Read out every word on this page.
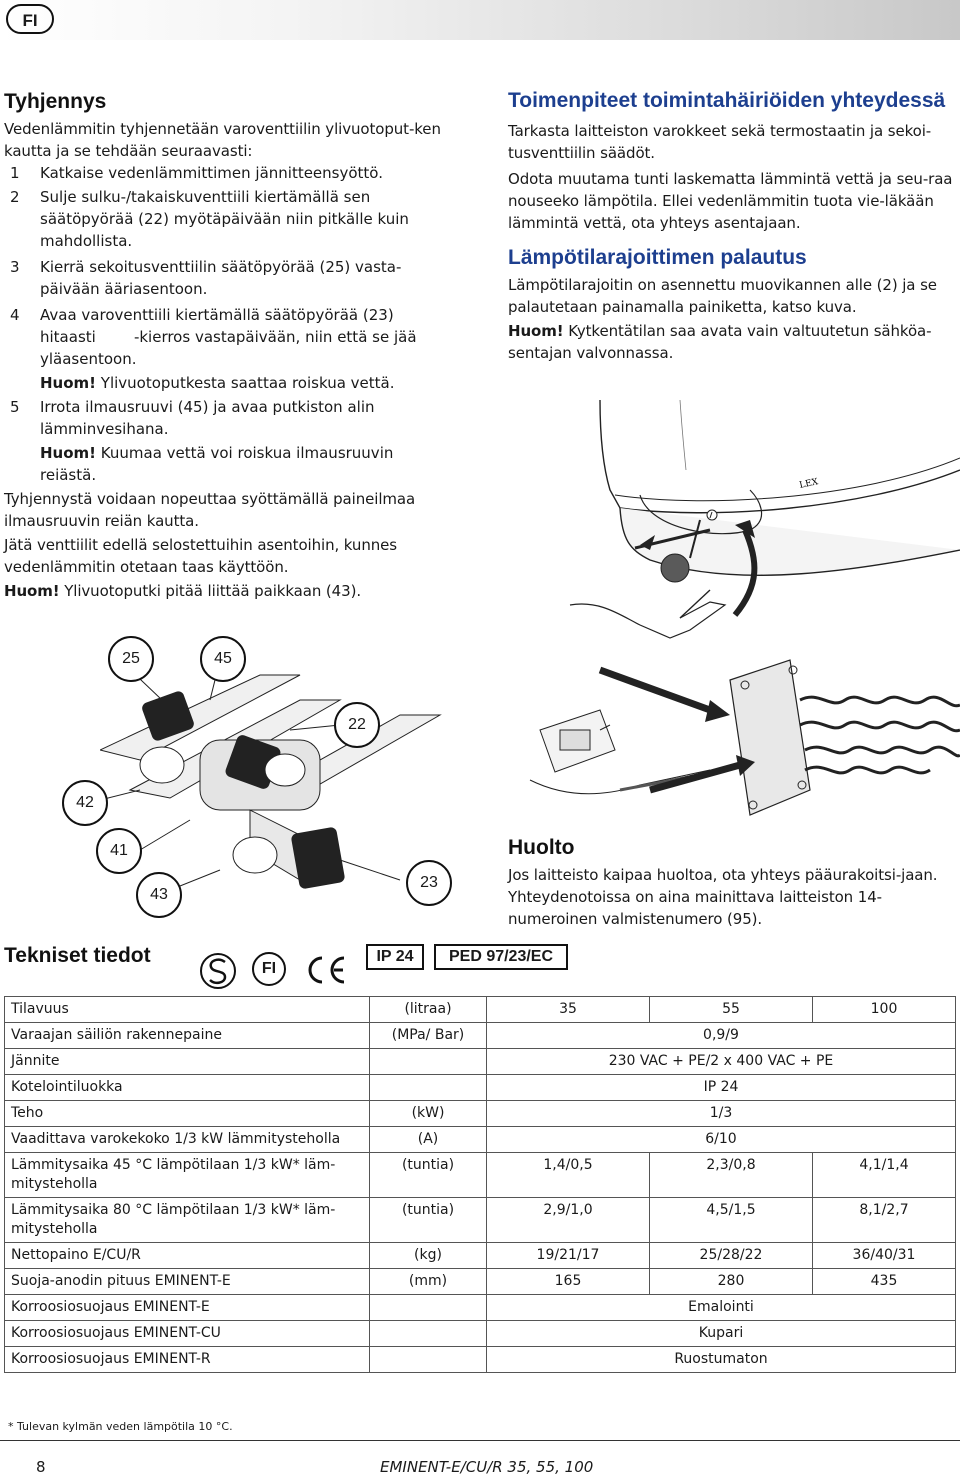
FI
Tyhjennys

Vedenlämmitin tyhjennetään varoventtiilin ylivuotoput-ken kautta ja se tehdään seuraavasti:

1 Katkaise vedenlämmittimen jännitteensyöttö.
2 Sulje sulku-/takaiskuventtiili kiertämällä sen säätöpyörää (22) myötäpäivään niin pitkälle kuin mahdollista.
3 Kierrä sekoitusventtiilin säätöpyörää (25) vasta-päivään ääriasentoon.
4 Avaa varoventtiili kiertämällä säätöpyörää (23) hitaasti        -kierros vastapäivään, niin että se jää yläasentoon.
Huom! Ylivuotoputkesta saattaa roiskua vettä.
5 Irrota ilmausruuvi (45) ja avaa putkiston alin lämminvesihana.
Huom! Kuumaa vettä voi roiskua ilmausruuvin reiästä.

Tyhjennystä voidaan nopeuttaa syöttämällä paineilmaa ilmausruuvin reiän kautta.

Jätä venttiilit edellä selostettuihin asentoihin, kunnes vedenlämmitin otetaan taas käyttöön.

Huom! Ylivuotoputki pitää liittää paikkaan (43).

Toimenpiteet toimintahäiriöiden yhteydessä

Tarkasta laitteiston varokkeet sekä termostaatin ja sekoi-tusventtiilin säädöt.

Odota muutama tunti laskematta lämmintä vettä ja seu-raa nouseeko lämpötila. Ellei vedenlämmitin tuota vie-läkään lämmintä vettä, ota yhteys asentajaan.

Lämpötilarajoittimen palautus

Lämpötilarajoitin on asennettu muovikannen alle (2) ja se palautetaan painamalla painiketta, katso kuva.

Huom! Kytkentätilan saa avata vain valtuutetun sähköa-sentajan valvonnassa.

LEX
25	45
22
42
41
43
23
Huolto

Jos laitteisto kaipaa huoltoa, ota yhteys pääurakoitsi-jaan. Yhteydenotoissa on aina mainittava laitteiston 14-numeroinen valmistenumero (95).

Tekniset tiedot
FI
IP 24	PED 97/23/EC
Tilavuus	(litraa)	35	55	100
Varaajan säiliön rakennepaine	(MPa/ Bar)	0,9/9		
Jännite		230 VAC + PE/2 x 400 VAC + PE		
Kotelointiluokka		IP 24		
Teho	(kW)	1/3		
Vaadittava varokekoko 1/3 kW lämmitysteholla	(A)	6/10		
Lämmitysaika 45 °C lämpötilaan 1/3 kW* läm-mitysteholla	(tuntia)	1,4/0,5	2,3/0,8	4,1/1,4
Lämmitysaika 80 °C lämpötilaan 1/3 kW* läm-mitysteholla	(tuntia)	2,9/1,0	4,5/1,5	8,1/2,7
Nettopaino E/CU/R	(kg)	19/21/17	25/28/22	36/40/31
Suoja-anodin pituus EMINENT-E	(mm)	165	280	435
Korroosiosuojaus EMINENT-E		Emalointi		
Korroosiosuojaus EMINENT-CU		Kupari		
Korroosiosuojaus EMINENT-R		Ruostumaton		
* Tulevan kylmän veden lämpötila 10 °C.
8	EMINENT-E/CU/R 35, 55, 100
